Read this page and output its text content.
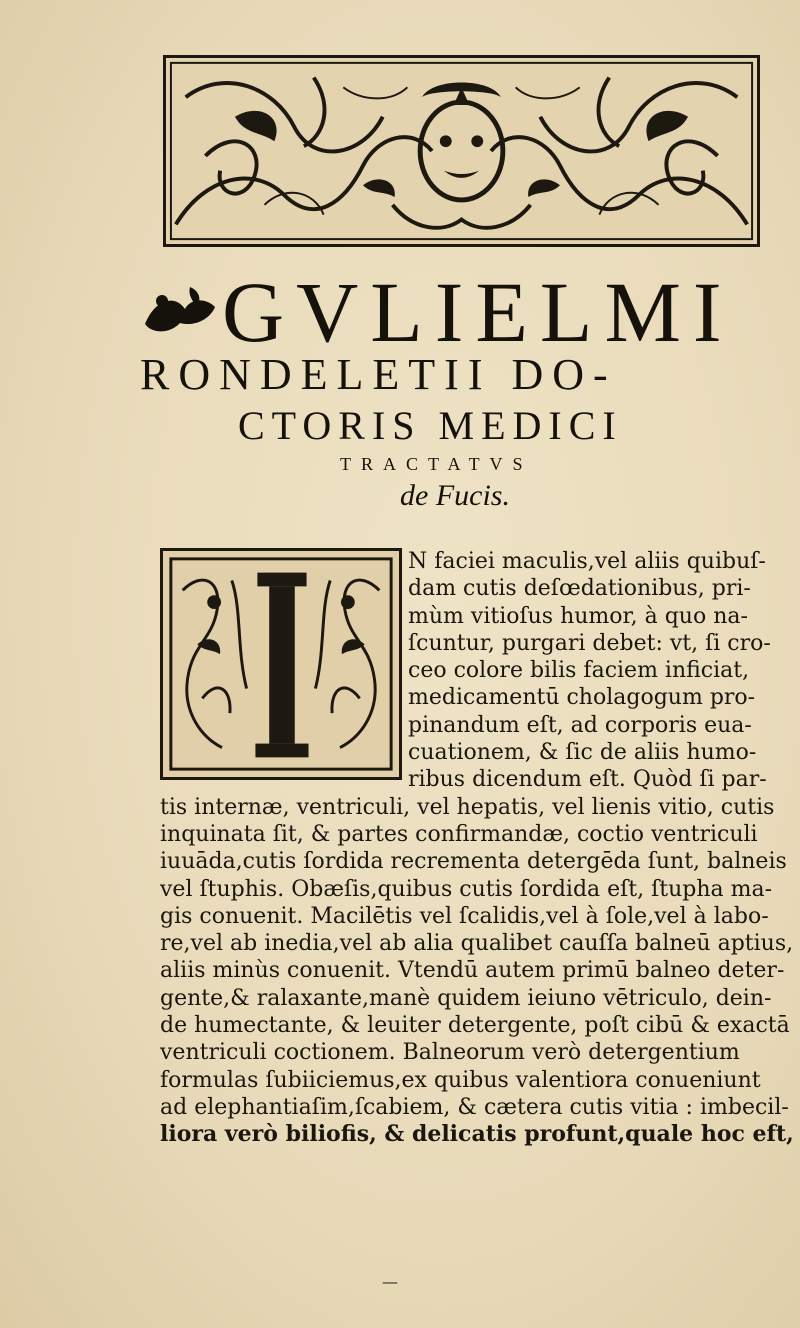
GVLIELMI
RONDELETII DO-
CTORIS MEDICI
TRACTATVS
de Fucis.
N faciei maculis,vel aliis quibuſ-
dam cutis deſœdationibus, pri-
mùm vitioſus humor, à quo na-
ſcuntur, purgari debet: vt, ſi cro-
ceo colore bilis faciem inficiat,
medicamentū cholagogum pro-
pinandum eſt, ad corporis eua-
cuationem, & ſic de aliis humo-
ribus dicendum eſt. Quòd ſi par-
tis internæ, ventriculi, vel hepatis, vel lienis vitio, cutis
inquinata ſit, & partes confirmandæ, coctio ventriculi
iuuāda,cutis ſordida recrementa detergēda ſunt, balneis
vel ſtuphis. Obæſis,quibus cutis ſordida eſt, ſtupha ma-
gis conuenit. Macilētis vel ſcalidis,vel à ſole,vel à labo-
re,vel ab inedia,vel ab alia qualibet cauſſa balneū aptius,
aliis minùs conuenit. Vtendū autem primū balneo deter-
gente,& ralaxante,manè quidem ieiuno vētriculo, dein-
de humectante, & leuiter detergente, poſt cibū & exactā
ventriculi coctionem. Balneorum verò detergentium
formulas ſubiiciemus,ex quibus valentiora conueniunt
ad elephantiaſim,ſcabiem, & cætera cutis vitia : imbecil-
liora verò biliofis, & delicatis profunt,quale hoc eft,
—
